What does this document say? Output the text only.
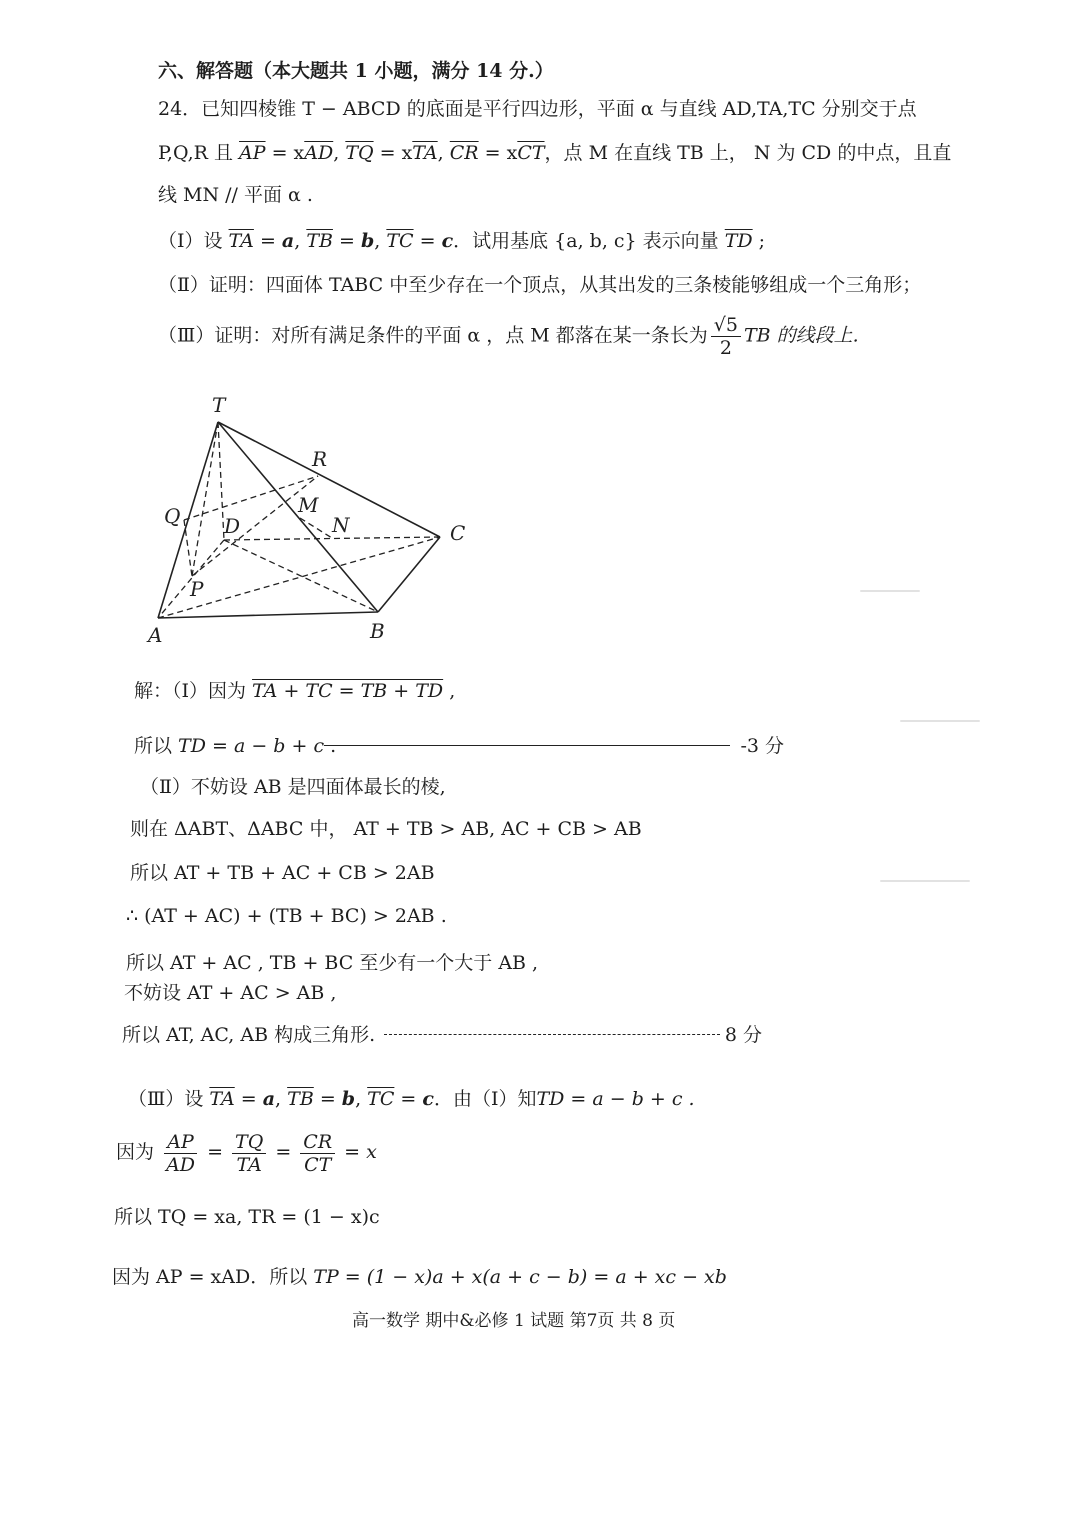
六、解答题（本大题共 1 小题，满分 14 分.）
24．已知四棱锥 T − ABCD 的底面是平行四边形，平面 α 与直线 AD,TA,TC 分别交于点
P,Q,R 且 $\overline{AP} = x\overline{AD}$, $\overline{TQ} = x\overline{TA}$, $\overline{CR} = x\overline{CT}$，点 M 在直线 TB 上， N 为 CD 的中点，且直
线 MN // 平面 α .
（Ⅰ）设 $\overline{TA} = a$, $\overline{TB} = b$, $\overline{TC} = c$．试用基底 {a, b, c} 表示向量 $\overline{TD}$ ;
（Ⅱ）证明：四面体 TABC 中至少存在一个顶点，从其出发的三条棱能够组成一个三角形；
（Ⅲ）证明：对所有满足条件的平面 α ，点 M 都落在某一条长为 $\frac{√5}{2}$ TB 的线段上.
T
R
Q D
M
N	C
P
A	B
解：（Ⅰ）因为 TA + TC = TB + TD ,
所以 TD = a − b + c .	-3 分
（Ⅱ）不妨设 AB 是四面体最长的棱,
则在 ΔABT、ΔABC 中， AT + TB > AB, AC + CB > AB
所以 AT + TB + AC + CB > 2AB
∴ (AT + AC) + (TB + BC) > 2AB .
所以 AT + AC , TB + BC 至少有一个大于 AB ,
不妨设 AT + AC > AB ,
所以 AT, AC, AB 构成三角形.	8 分
（Ⅲ）设 $\overline{TA} = a$, $\overline{TB} = b$, $\overline{TC} = c$．由（Ⅰ）知TD = a − b + c .
因为 $\frac{AP}{AD} = \frac{TQ}{TA} = \frac{CR}{CT} = x$
所以 TQ = xa, TR = (1 − x)c
因为 AP = xAD．所以 TP = (1 − x)a + x(a + c − b) = a + xc − xb
高一数学 期中&必修 1 试题 第7页 共 8 页
